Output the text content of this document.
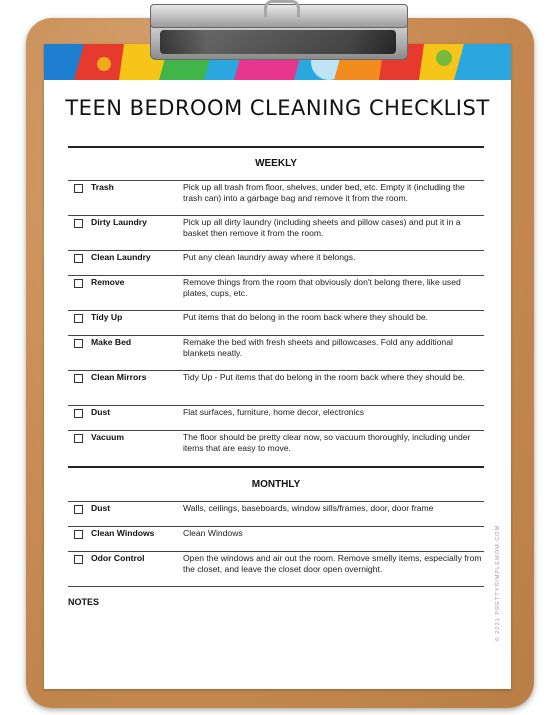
TEEN BEDROOM CLEANING CHECKLIST
WEEKLY
Trash	Pick up all trash from floor, shelves, under bed, etc. Empty it (including the trash can) into a garbage bag and remove it from the room.
Dirty Laundry	Pick up all dirty laundry (including sheets and pillow cases) and put it in a basket then remove it from the room.
Clean Laundry	Put any clean laundry away where it belongs.
Remove	Remove things from the room that obviously don't belong there, like used plates, cups, etc.
Tidy Up	Put items that do belong in the room back where they should be.
Make Bed	Remake the bed with fresh sheets and pillowcases. Fold any additional blankets neatly.
Clean Mirrors	Tidy Up - Put items that do belong in the room back where they should be.
Dust	Flat surfaces, furniture, home decor, electronics
Vacuum	The floor should be pretty clear now, so vacuum thoroughly, including under items that are easy to move.
MONTHLY
Dust	Walls, ceilings, baseboards, window sills/frames, door, door frame
Clean Windows	Clean Windows
Odor Control	Open the windows and air out the room. Remove smelly items, especially from the closet, and leave the closet door open overnight.
NOTES	© 2021 PRETTYSIMPLEMOM.COM
